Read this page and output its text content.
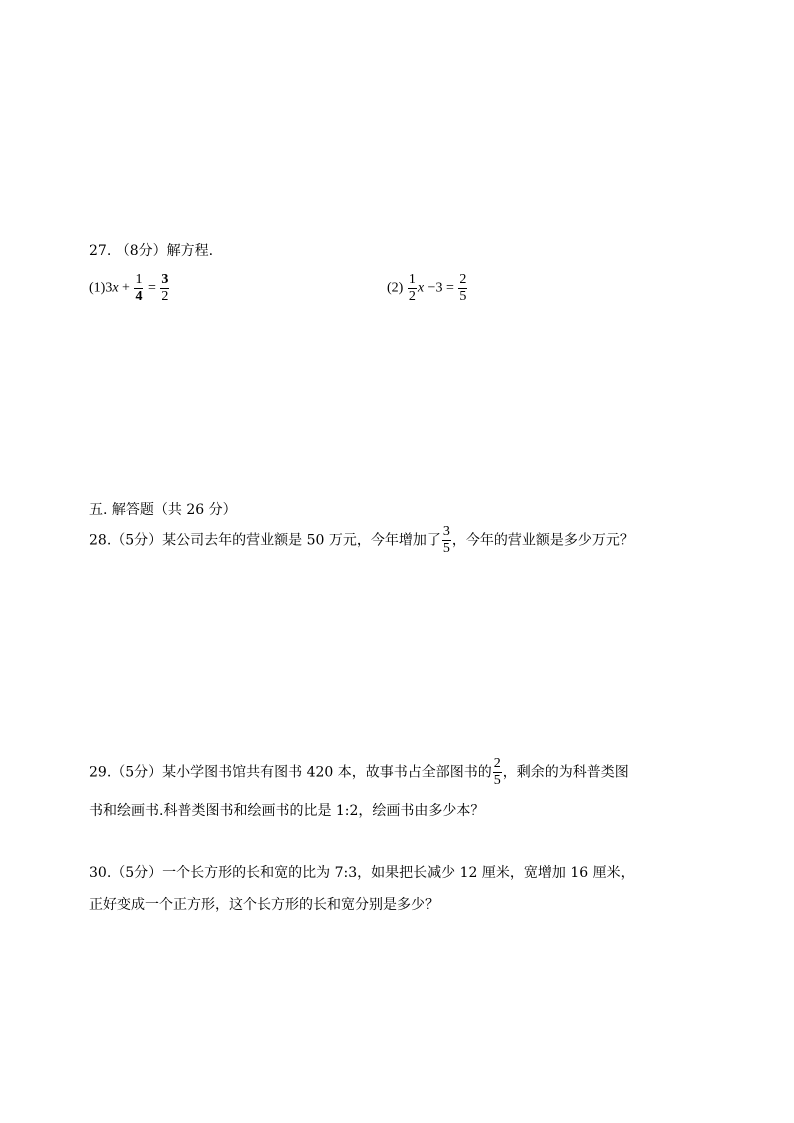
27. （8分）解方程.
$(1)3x + \frac{1}{4} = \frac{3}{2}$	$(2) \frac{1}{2}$ $x -3 = \frac{2}{5}$
五. 解答题（共 26 分）
28.（5分）某公司去年的营业额是 50 万元，今年增加了 $\frac{3}{5}$ ，今年的营业额是多少万元？
29.（5分）某小学图书馆共有图书 420 本，故事书占全部图书的 $\frac{2}{5}$ ，剩余的为科普类图
书和绘画书.科普类图书和绘画书的比是 1:2，绘画书由多少本？
30.（5分）一个长方形的长和宽的比为 7:3，如果把长减少 12 厘米，宽增加 16 厘米，
正好变成一个正方形，这个长方形的长和宽分别是多少？
